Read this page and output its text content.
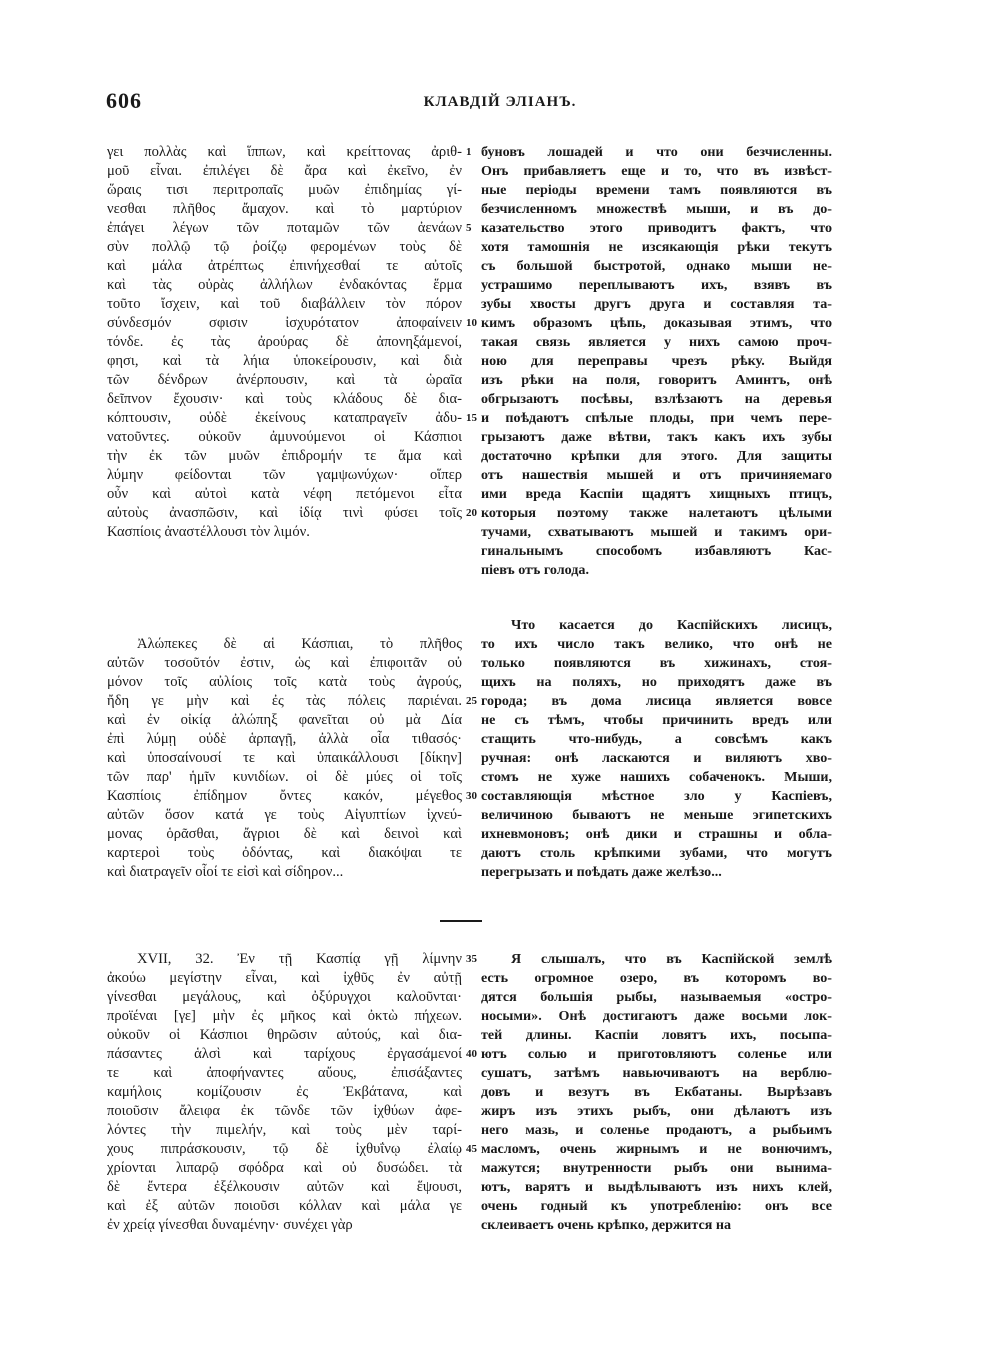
606	КЛАВДІЙ ЭЛІАНЪ.
γει πολλὰς καὶ ἵππων, καὶ κρείττονας ἀριθ-
μοῦ εἶναι. ἐπιλέγει δὲ ἄρα καὶ ἐκεῖνο, ἐν
ὥραις τισι περιτροπαῖς μυῶν ἐπιδημίας γί-
νεσθαι πλῆθος ἄμαχον. καὶ τὸ μαρτύριον
ἐπάγει λέγων τῶν ποταμῶν τῶν ἀενάων
σὺν πολλῷ τῷ ῥοίζῳ φερομένων τοὺς δὲ
καὶ μάλα ἀτρέπτως ἐπινήχεσθαί τε αὐτοῖς
καὶ τὰς οὐρὰς ἀλλήλων ἐνδακόντας ἕρμα
τοῦτο ἴσχειν, καὶ τοῦ διαβάλλειν τὸν πόρον
σύνδεσμόν σφισιν ἰσχυρότατον ἀποφαίνειν
τόνδε. ἐς τὰς ἀρούρας δὲ ἀπονηξάμενοί,
φησι, καὶ τὰ λήια ὑποκείρουσιν, καὶ διὰ
τῶν δένδρων ἀνέρπουσιν, καὶ τὰ ὡραῖα
δεῖπνον ἔχουσιν· καὶ τοὺς κλάδους δὲ δια-
κόπτουσιν, οὐδὲ ἐκείνους καταπραγεῖν ἀδυ-
νατοῦντες. οὐκοῦν ἀμυνούμενοι οἱ Κάσπιοι
τὴν ἐκ τῶν μυῶν ἐπιδρομήν τε ἅμα καὶ
λύμην φείδονται τῶν γαμψωνύχων· οἵπερ
οὖν καὶ αὐτοὶ κατὰ νέφη πετόμενοι εἶτα
αὐτοὺς ἀνασπῶσιν, καὶ ἰδίᾳ τινὶ φύσει τοῖς
Κασπίοις ἀναστέλλουσι τὸν λιμόν.
буновъ лошадей и что они безчисленны.
Онъ прибавляетъ еще и то, что въ извѣст-
ные періоды времени тамъ появляются въ
безчисленномъ множествѣ мыши, и въ до-
казательство этого приводитъ фактъ, что
хотя тамошнія не изсякающія рѣки текутъ
съ большой быстротой, однако мыши не-
устрашимо переплываютъ ихъ, взявъ въ
зубы хвосты другъ друга и составляя та-
кимъ образомъ цѣпь, доказывая этимъ, что
такая связь является у нихъ самою проч-
ною для переправы чрезъ рѣку. Выйдя
изъ рѣки на поля, говоритъ Аминтъ, онѣ
обгрызаютъ посѣвы, взлѣзаютъ на деревья
и поѣдаютъ спѣлые плоды, при чемъ пере-
грызаютъ даже вѣтви, такъ какъ ихъ зубы
достаточно крѣпки для этого. Для защиты
отъ нашествія мышей и отъ причиняемаго
ими вреда Каспіи щадятъ хищныхъ птицъ,
которыя поэтому также налетаютъ цѣлыми
тучами, схватываютъ мышей и такимъ ори-
гинальнымъ способомъ избавляютъ Кас-
піевъ отъ голода.
Ἀλώπεκες δὲ αἱ Κάσπιαι, τὸ πλῆθος
αὐτῶν τοσοῦτόν ἐστιν, ὡς καὶ ἐπιφοιτᾶν οὐ
μόνον τοῖς αὐλίοις τοῖς κατὰ τοὺς ἀγρούς,
ἤδη γε μὴν καὶ ἐς τὰς πόλεις παριέναι.
καὶ ἐν οἰκίᾳ ἀλώπηξ φανεῖται οὐ μὰ Δία
ἐπὶ λύμῃ οὐδὲ ἁρπαγῇ, ἀλλὰ οἷα τιθασός·
καὶ ὑποσαίνουσί τε καὶ ὑπαικάλλουσι [δίκην]
τῶν παρ' ἡμῖν κυνιδίων. οἱ δὲ μύες οἱ τοῖς
Κασπίοις ἐπίδημον ὄντες κακόν, μέγεθος
αὐτῶν ὅσον κατά γε τοὺς Αἰγυπτίων ἰχνεύ-
μονας ὁρᾶσθαι, ἄγριοι δὲ καὶ δεινοὶ καὶ
καρτεροὶ τοὺς ὀδόντας, καὶ διακόψαι τε
καὶ διατραγεῖν οἷοί τε εἰσὶ καὶ σίδηρον...
Что касается до Каспійскихъ лисицъ,
то ихъ число такъ велико, что онѣ не
только появляются въ хижинахъ, стоя-
щихъ на поляхъ, но приходятъ даже въ
города; въ дома лисица является вовсе
не съ тѣмъ, чтобы причинить вредъ или
стащить что-нибудь, а совсѣмъ какъ
ручная: онѣ ласкаются и виляютъ хво-
стомъ не хуже нашихъ собаченокъ. Мыши,
составляющія мѣстное зло у Каспіевъ,
величиною бываютъ не меньше эгипетскихъ
ихневмоновъ; онѣ дики и страшны и обла-
даютъ столь крѣпкими зубами, что могутъ
перегрызать и поѣдать даже желѣзо...
XVII, 32. Ἐν τῇ Κασπίᾳ γῇ λίμνην
ἀκούω μεγίστην εἶναι, καὶ ἰχθῦς ἐν αὐτῇ
γίνεσθαι μεγάλους, καὶ ὀξύρυγχοι καλοῦνται·
προϊέναι [γε] μὴν ἐς μῆκος καὶ ὀκτὼ πήχεων.
οὐκοῦν οἱ Κάσπιοι θηρῶσιν αὐτούς, καὶ δια-
πάσαντες ἁλσὶ καὶ ταρίχους ἐργασάμενοί
τε καὶ ἀποφήναντες αὔους, ἐπισάξαντες
καμήλοις κομίζουσιν ἐς Ἐκβάτανα, καὶ
ποιοῦσιν ἄλειφα ἐκ τῶνδε τῶν ἰχθύων ἀφε-
λόντες τὴν πιμελήν, καὶ τοὺς μὲν ταρί-
χους πιπράσκουσιν, τῷ δὲ ἰχθυΐνῳ ἐλαίῳ
χρίονται λιπαρῷ σφόδρα καὶ οὐ δυσώδει. τὰ
δὲ ἔντερα ἐξέλκουσιν αὐτῶν καὶ ἕψουσι,
καὶ ἐξ αὐτῶν ποιοῦσι κόλλαν καὶ μάλα γε
ἐν χρείᾳ γίνεσθαι δυναμένην· συνέχει γὰρ
Я слышалъ, что въ Каспійской землѣ
есть огромное озеро, въ которомъ во-
дятся большія рыбы, называемыя «остро-
носыми». Онѣ достигаютъ даже восьми лок-
тей длины. Каспіи ловятъ ихъ, посыпа-
ютъ солью и приготовляютъ соленье или
сушатъ, затѣмъ навьючиваютъ на верблю-
довъ и везутъ въ Екбатаны. Вырѣзавъ
жиръ изъ этихъ рыбъ, они дѣлаютъ изъ
него мазь, и соленье продаютъ, а рыбьимъ
масломъ, очень жирнымъ и не вонючимъ,
мажутся; внутренности рыбъ они вынима-
ютъ, варятъ и выдѣлываютъ изъ нихъ клей,
очень годный къ употребленію: онъ все
склеиваетъ очень крѣпко, держится на
1
5
10
15
20
25
30
35
40
45
